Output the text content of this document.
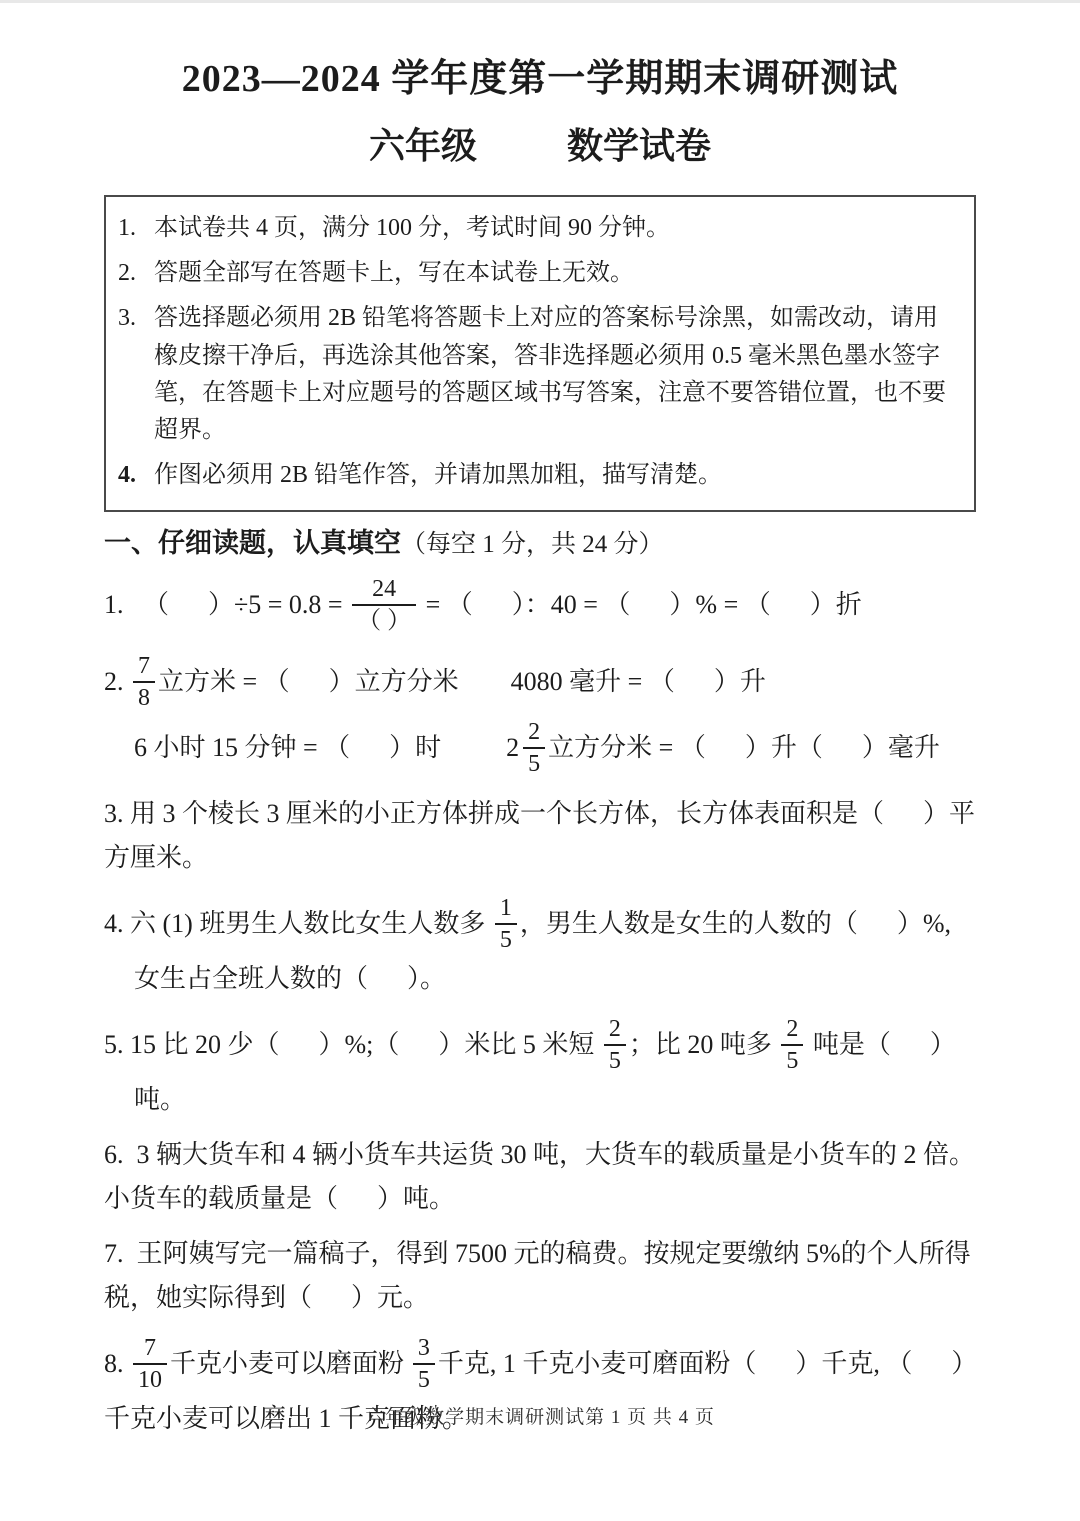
2023—2024 学年度第一学期期末调研测试
六年级          数学试卷
1. 本试卷共 4 页，满分 100 分，考试时间 90 分钟。
2. 答题全部写在答题卡上，写在本试卷上无效。
3. 答选择题必须用 2B 铅笔将答题卡上对应的答案标号涂黑，如需改动，请用橡皮擦干净后，再选涂其他答案，答非选择题必须用 0.5 毫米黑色墨水签字笔，在答题卡上对应题号的答题区域书写答案，注意不要答错位置，也不要超界。
4. 作图必须用 2B 铅笔作答，并请加黑加粗，描写清楚。
一、仔细读题，认真填空（每空 1 分，共 24 分）
1.   （      ）$\div 5 = 0.8 = \frac{24}{( )}$ = （      ）：40 = （      ）% = （      ）折
2. $\frac{7}{8}$ 立方米 = （      ）立方分米        4080 毫升 = （      ）升
6 小时 15 分钟 = （      ）时 $2 \frac{2}{5}$ 立方分米 = （      ）升（      ）毫升
3. 用 3 个棱长 3 厘米的小正方体拼成一个长方体，长方体表面积是（      ）平
方厘米。
4. 六 (1) 班男生人数比女生人数多 $\frac{1}{5}$ ，男生人数是女生的人数的（      ）%,
女生占全班人数的（      ）。
5. 15 比 20 少（      ）%;（      ）米比 5 米短 $\frac{2}{5}$ ；比 20 吨多 $\frac{2}{5}$ 吨是（      ）
吨。
6.  3 辆大货车和 4 辆小货车共运货 30 吨，大货车的载质量是小货车的 2 倍。
小货车的载质量是（      ）吨。
7.  王阿姨写完一篇稿子，得到 7500 元的稿费。按规定要缴纳 5%的个人所得
税，她实际得到（      ）元。
8. $\frac{7}{10}$ 千克小麦可以磨面粉 $\frac{3}{5}$ 千克, 1 千克小麦可磨面粉（      ）千克, （      ）
千克小麦可以磨出 1 千克面粉。
六年级数学期末调研测试第 1 页 共 4 页
